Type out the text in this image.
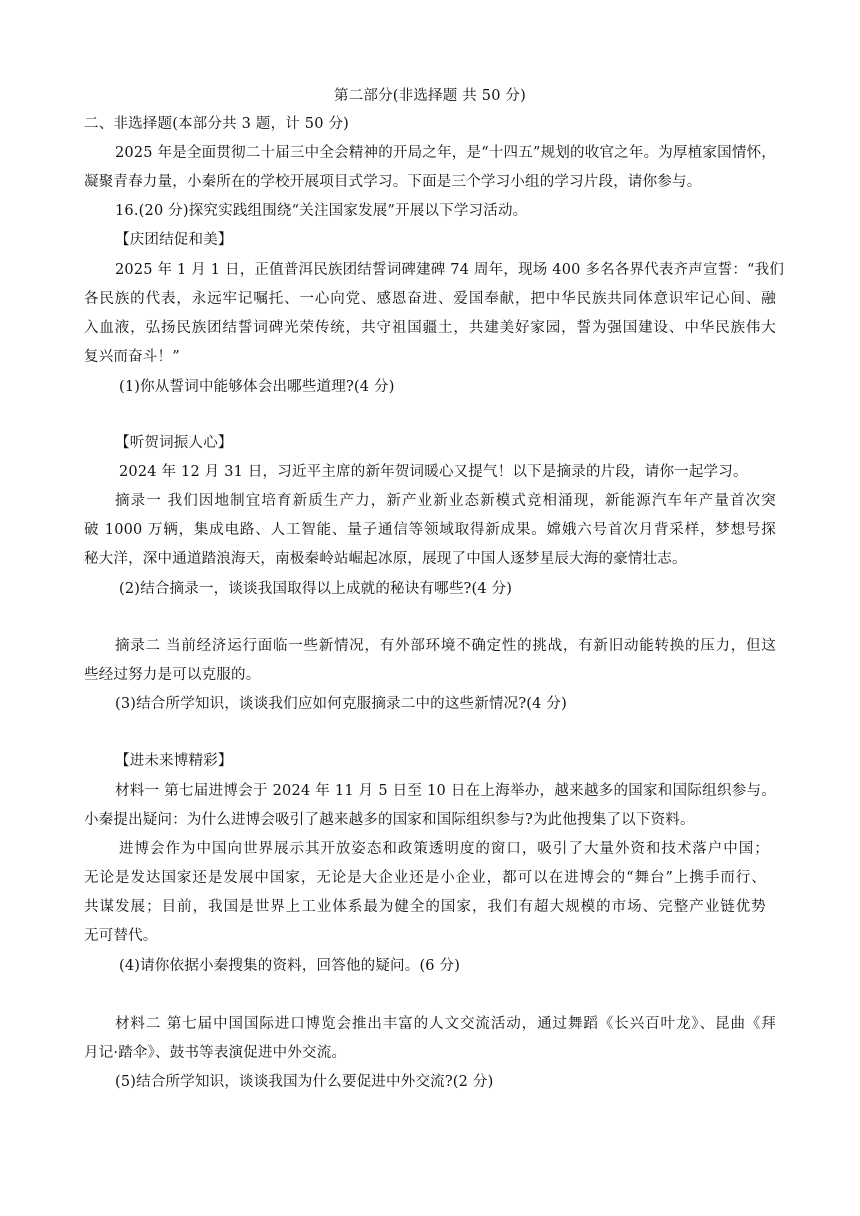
第二部分(非选择题 共 50 分)
二、非选择题(本部分共 3 题，计 50 分)
2025 年是全面贯彻二十届三中全会精神的开局之年，是“十四五”规划的收官之年。为厚植家国情怀，
凝聚青春力量，小秦所在的学校开展项目式学习。下面是三个学习小组的学习片段，请你参与。
16.(20 分)探究实践组围绕“关注国家发展”开展以下学习活动。
【庆团结促和美】
2025 年 1 月 1 日，正值普洱民族团结誓词碑建碑 74 周年，现场 400 多名各界代表齐声宣誓：“我们
各民族的代表，永远牢记嘱托、一心向党、感恩奋进、爱国奉献，把中华民族共同体意识牢记心间、融
入血液，弘扬民族团结誓词碑光荣传统，共守祖国疆土，共建美好家园，誓为强国建设、中华民族伟大
复兴而奋斗！”
(1)你从誓词中能够体会出哪些道理?(4 分)
【听贺词振人心】
2024 年 12 月 31 日，习近平主席的新年贺词暖心又提气！以下是摘录的片段，请你一起学习。
摘录一 我们因地制宜培育新质生产力，新产业新业态新模式竞相涌现，新能源汽车年产量首次突
破 1000 万辆，集成电路、人工智能、量子通信等领域取得新成果。嫦娥六号首次月背采样，梦想号探
秘大洋，深中通道踏浪海天，南极秦岭站崛起冰原，展现了中国人逐梦星辰大海的豪情壮志。
(2)结合摘录一，谈谈我国取得以上成就的秘诀有哪些?(4 分)
摘录二 当前经济运行面临一些新情况，有外部环境不确定性的挑战，有新旧动能转换的压力，但这
些经过努力是可以克服的。
(3)结合所学知识，谈谈我们应如何克服摘录二中的这些新情况?(4 分)
【进未来博精彩】
材料一 第七届进博会于 2024 年 11 月 5 日至 10 日在上海举办，越来越多的国家和国际组织参与。
小秦提出疑问：为什么进博会吸引了越来越多的国家和国际组织参与?为此他搜集了以下资料。
进博会作为中国向世界展示其开放姿态和政策透明度的窗口，吸引了大量外资和技术落户中国；
无论是发达国家还是发展中国家，无论是大企业还是小企业，都可以在进博会的“舞台”上携手而行、
共谋发展；目前，我国是世界上工业体系最为健全的国家，我们有超大规模的市场、完整产业链优势
无可替代。
(4)请你依据小秦搜集的资料，回答他的疑问。(6 分)
材料二 第七届中国国际进口博览会推出丰富的人文交流活动，通过舞蹈《长兴百叶龙》、昆曲《拜
月记·踏伞》、鼓书等表演促进中外交流。
(5)结合所学知识，谈谈我国为什么要促进中外交流?(2 分)
